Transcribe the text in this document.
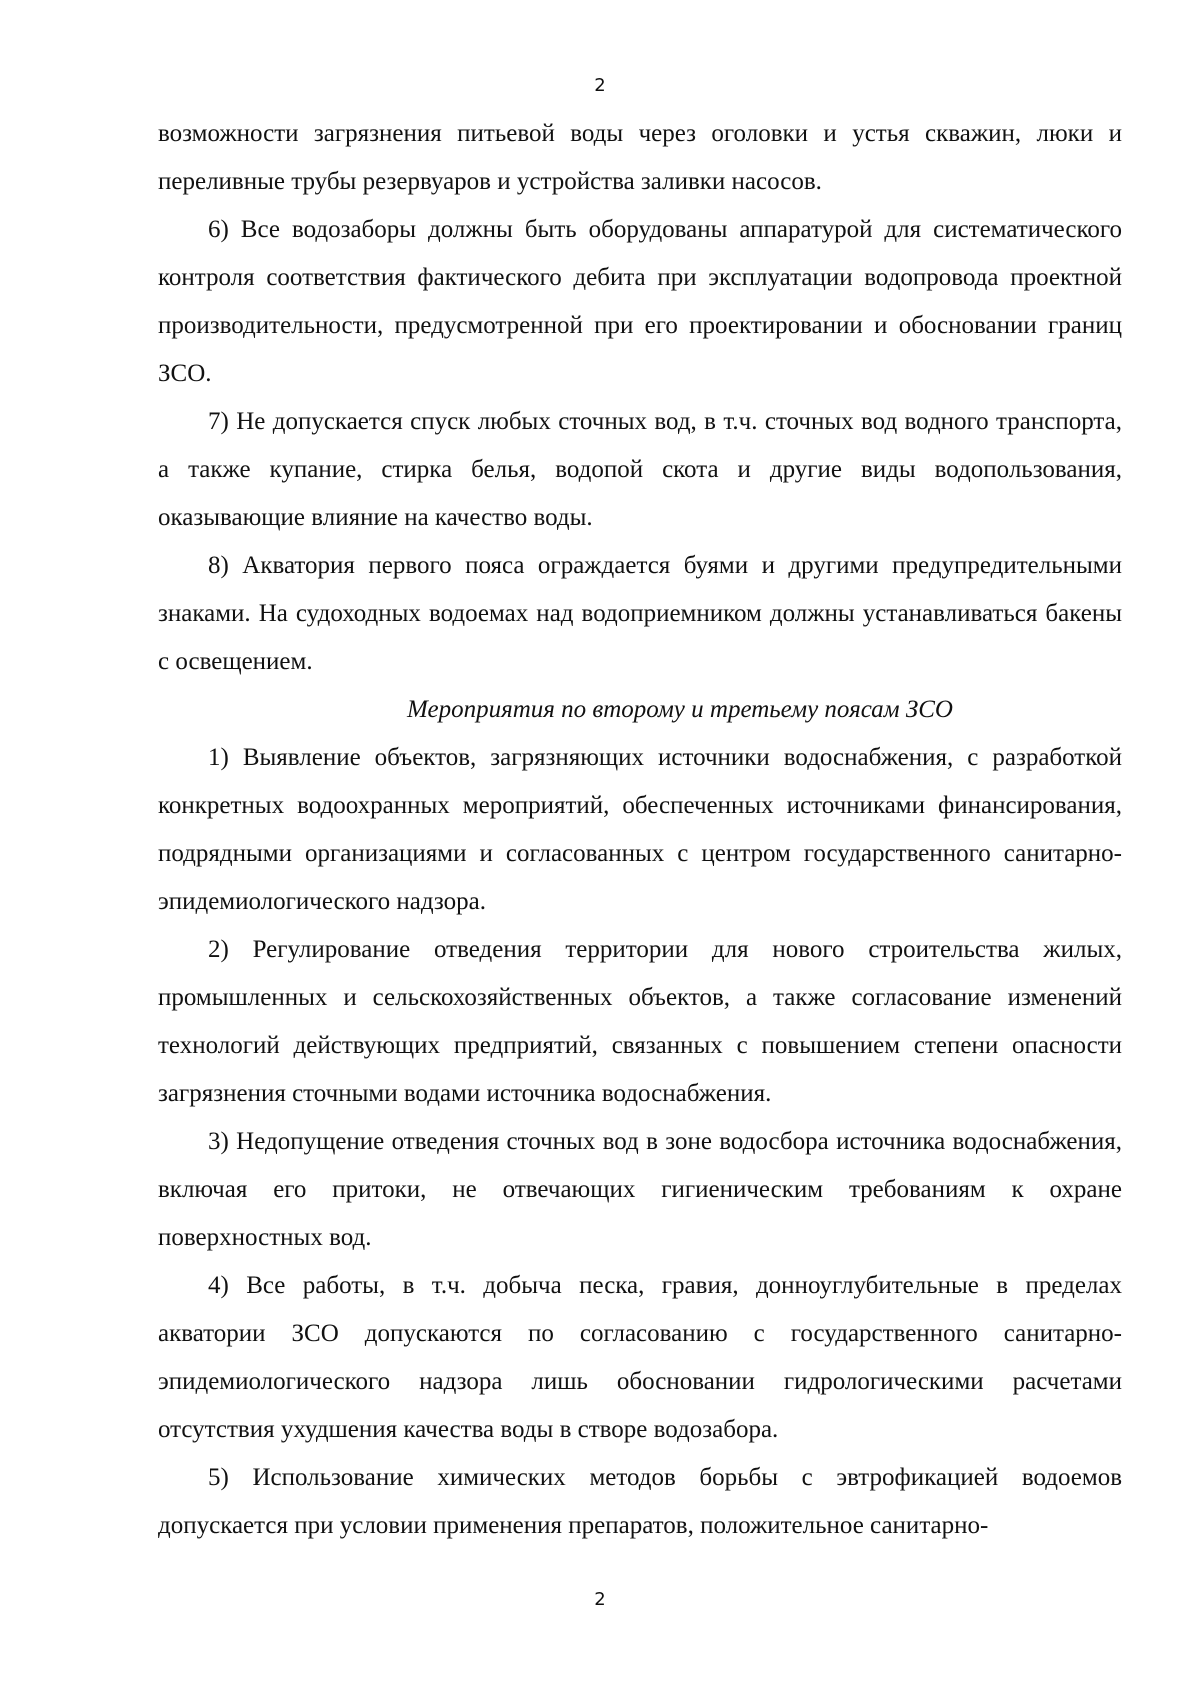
2

возможности загрязнения питьевой воды через оголовки и устья скважин, люки и переливные трубы резервуаров и устройства заливки насосов.

6) Все водозаборы должны быть оборудованы аппаратурой для систематического контроля соответствия фактического дебита при эксплуатации водопровода проектной производительности, предусмотренной при его проектировании и обосновании границ ЗСО.

7) Не допускается спуск любых сточных вод, в т.ч. сточных вод водного транспорта, а также купание, стирка белья, водопой скота и другие виды водопользования, оказывающие влияние на качество воды.

8) Акватория первого пояса ограждается буями и другими предупредительными знаками. На судоходных водоемах над водоприемником должны устанавливаться бакены с освещением.

Мероприятия по второму и третьему поясам ЗСО

1) Выявление объектов, загрязняющих источники водоснабжения, с разработкой конкретных водоохранных мероприятий, обеспеченных источниками финансирования, подрядными организациями и согласованных с центром государственного санитарно-эпидемиологического надзора.

2) Регулирование отведения территории для нового строительства жилых, промышленных и сельскохозяйственных объектов, а также согласование изменений технологий действующих предприятий, связанных с повышением степени опасности загрязнения сточными водами источника водоснабжения.

3) Недопущение отведения сточных вод в зоне водосбора источника водоснабжения, включая его притоки, не отвечающих гигиеническим требованиям к охране поверхностных вод.

4) Все работы, в т.ч. добыча песка, гравия, донноуглубительные в пределах акватории ЗСО допускаются по согласованию с государственного санитарно-эпидемиологического надзора лишь обосновании гидрологическими расчетами отсутствия ухудшения качества воды в створе водозабора.

5) Использование химических методов борьбы с эвтрофикацией водоемов допускается при условии применения препаратов, положительное санитарно-

2
